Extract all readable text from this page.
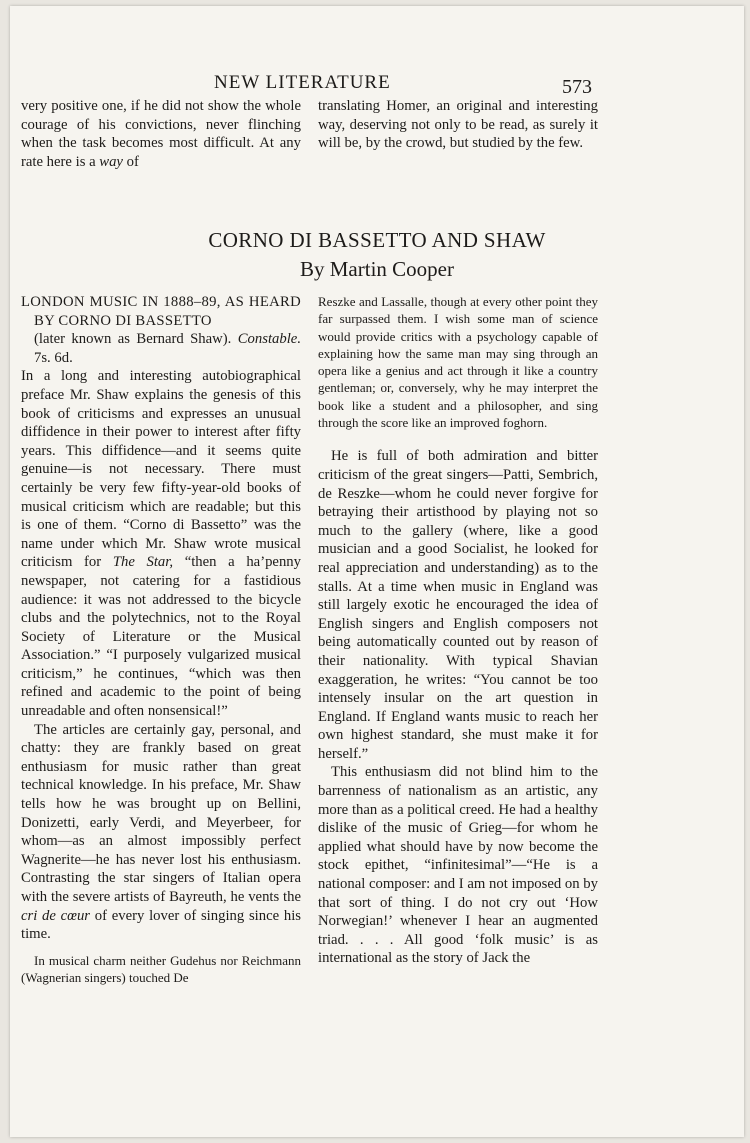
NEW LITERATURE	573

very positive one, if he did not show the whole courage of his convictions, never flinching when the task becomes most difficult. At any rate here is a way of

translating Homer, an original and interesting way, deserving not only to be read, as surely it will be, by the crowd, but studied by the few.

CORNO DI BASSETTO AND SHAW
By Martin Cooper

LONDON MUSIC IN 1888–89, AS HEARD BY CORNO DI BASSETTO
(later known as Bernard Shaw). Constable. 7s. 6d.

In a long and interesting autobiographical preface Mr. Shaw explains the genesis of this book of criticisms and expresses an unusual diffidence in their power to interest after fifty years. This diffidence—and it seems quite genuine—is not necessary. There must certainly be very few fifty-year-old books of musical criticism which are readable; but this is one of them. “Corno di Bassetto” was the name under which Mr. Shaw wrote musical criticism for The Star, “then a ha’penny newspaper, not catering for a fastidious audience: it was not addressed to the bicycle clubs and the polytechnics, not to the Royal Society of Literature or the Musical Association.” “I purposely vulgarized musical criticism,” he continues, “which was then refined and academic to the point of being unreadable and often nonsensical!”

The articles are certainly gay, personal, and chatty: they are frankly based on great enthusiasm for music rather than great technical knowledge. In his preface, Mr. Shaw tells how he was brought up on Bellini, Donizetti, early Verdi, and Meyerbeer, for whom—as an almost impossibly perfect Wagnerite—he has never lost his enthusiasm. Contrasting the star singers of Italian opera with the severe artists of Bayreuth, he vents the cri de cœur of every lover of singing since his time.

In musical charm neither Gudehus nor Reichmann (Wagnerian singers) touched De

Reszke and Lassalle, though at every other point they far surpassed them. I wish some man of science would provide critics with a psychology capable of explaining how the same man may sing through an opera like a genius and act through it like a country gentleman; or, conversely, why he may interpret the book like a student and a philosopher, and sing through the score like an improved foghorn.

He is full of both admiration and bitter criticism of the great singers—Patti, Sembrich, de Reszke—whom he could never forgive for betraying their artisthood by playing not so much to the gallery (where, like a good musician and a good Socialist, he looked for real appreciation and understanding) as to the stalls. At a time when music in England was still largely exotic he encouraged the idea of English singers and English composers not being automatically counted out by reason of their nationality. With typical Shavian exaggeration, he writes: “You cannot be too intensely insular on the art question in England. If England wants music to reach her own highest standard, she must make it for herself.”

This enthusiasm did not blind him to the barrenness of nationalism as an artistic, any more than as a political creed. He had a healthy dislike of the music of Grieg—for whom he applied what should have by now become the stock epithet, “infinitesimal”—“He is a national composer: and I am not imposed on by that sort of thing. I do not cry out ‘How Norwegian!’ whenever I hear an augmented triad. . . . All good ‘folk music’ is as international as the story of Jack the
